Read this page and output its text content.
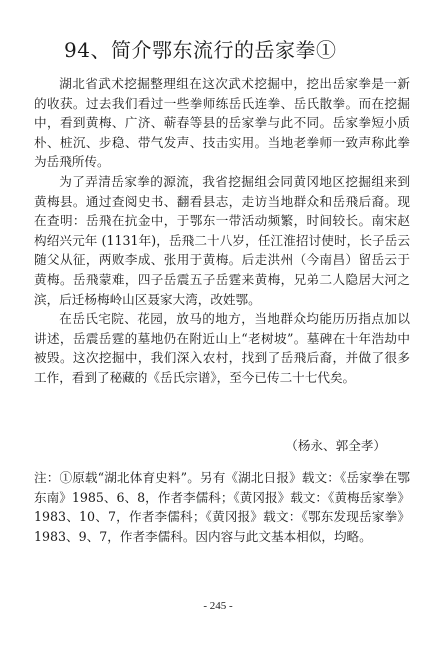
94、简介鄂东流行的岳家拳①

湖北省武术挖掘整理组在这次武术挖掘中，挖出岳家拳是一新的收获。过去我们看过一些拳师练岳氏连拳、岳氏散拳。而在挖掘中，看到黄梅、广济、蕲春等县的岳家拳与此不同。岳家拳短小质朴、桩沉、步稳、带气发声、技击实用。当地老拳师一致声称此拳为岳飛所传。

为了弄清岳家拳的源流，我省挖掘组会同黄冈地区挖掘组来到黄梅县。通过查阅史书、翻看县志，走访当地群众和岳飛后裔。现在查明：岳飛在抗金中，于鄂东一带活动频繁，时间较长。南宋赵构绍兴元年 (1131年)，岳飛二十八岁，任江淮招讨使时，长子岳云随父从征，两败李成、张用于黄梅。后走洪州（今南昌）留岳云于黄梅。岳飛蒙难，四子岳震五子岳霆来黄梅，兄弟二人隐居大河之滨，后迁杨梅岭山区聂家大湾，改姓鄂。

在岳氏宅院、花园，放马的地方，当地群众均能历历指点加以讲述，岳震岳霆的墓地仍在附近山上“老树坡”。墓碑在十年浩劫中被毁。这次挖掘中，我们深入农村，找到了岳飛后裔，并做了很多工作，看到了秘藏的《岳氏宗谱》，至今已传二十七代矣。

（杨永、郭全孝）
注：①原载“湖北体育史料”。另有《湖北日报》载文：《岳家拳在鄂东南》1985、6、8，作者李儒科；《黄冈报》载文：《黄梅岳家拳》1983、10、7，作者李儒科；《黄冈报》载文：《鄂东发现岳家拳》1983、9、7，作者李儒科。因内容与此文基本相似，均略。
- 245 -
